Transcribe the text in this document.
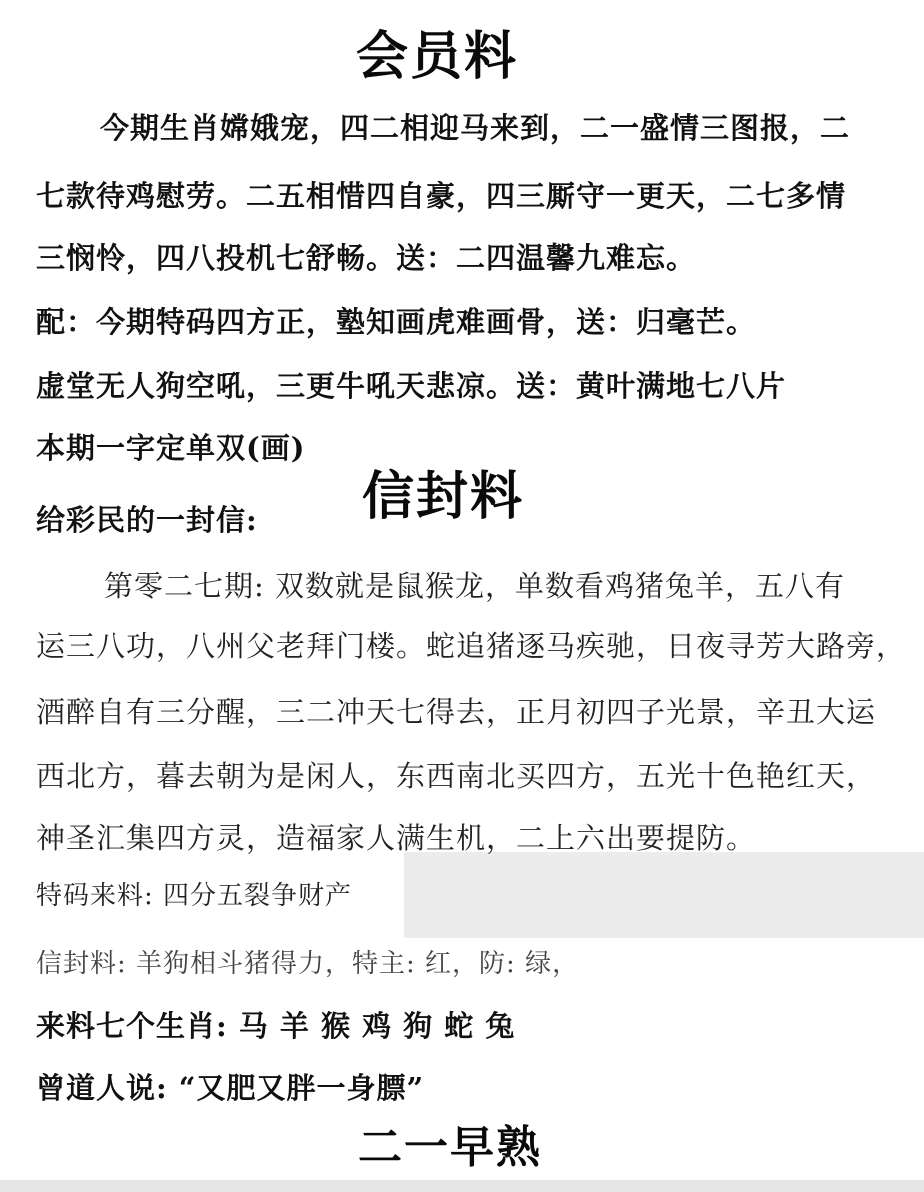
会员料
今期生肖嫦娥宠，四二相迎马来到，二一盛情三图报，二
七款待鸡慰劳。二五相惜四自豪，四三厮守一更天，二七多情
三悯怜，四八投机七舒畅。送：二四温馨九难忘。
配：今期特码四方正，塾知画虎难画骨，送：归毫芒。
虚堂无人狗空吼，三更牛吼天悲凉。送：黄叶满地七八片
本期一字定单双(画)
信封料
给彩民的一封信:
第零二七期: 双数就是鼠猴龙，单数看鸡猪兔羊，五八有
运三八功，八州父老拜门楼。蛇追猪逐马疾驰，日夜寻芳大路旁，
酒醉自有三分醒，三二冲天七得去，正月初四子光景，辛丑大运
西北方，暮去朝为是闲人，东西南北买四方，五光十色艳红天，
神圣汇集四方灵，造福家人满生机，二上六出要提防。
特码来料: 四分五裂争财产
信封料: 羊狗相斗猪得力，特主: 红，防: 绿，
来料七个生肖: 马 羊 猴 鸡 狗 蛇 兔
曾道人说: “又肥又胖一身膘”
二一早熟
